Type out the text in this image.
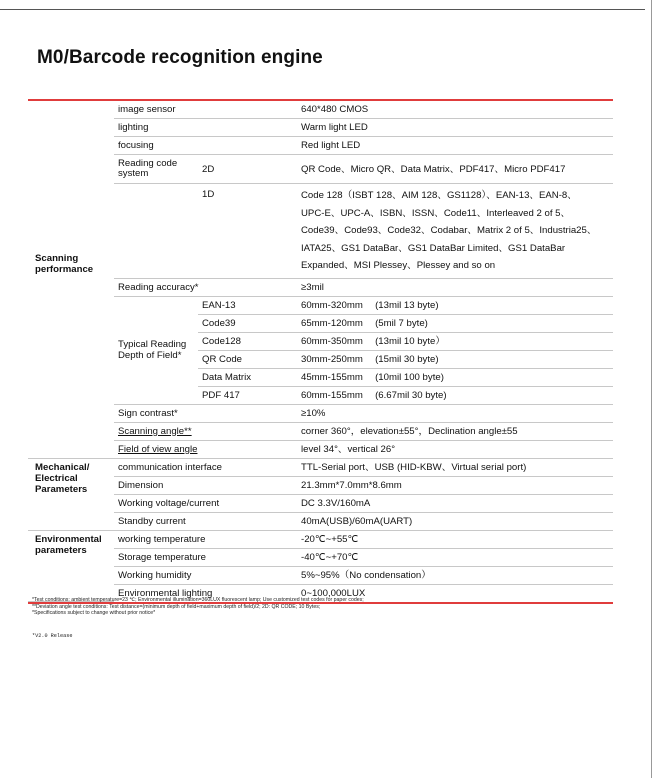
M0/Barcode recognition engine
	image sensor		640*480 CMOS
	lighting		Warm light LED
	focusing		Red light LED
	Reading code system	2D	QR Code、Micro QR、Data Matrix、PDF417、Micro PDF417
Scanning performance		1D	Code 128（ISBT 128、AIM 128、GS1128）、EAN-13、EAN-8、
UPC-E、UPC-A、ISBN、ISSN、Code11、Interleaved 2 of 5、
Code39、Code93、Code32、Codabar、Matrix 2 of 5、Industria25、
IATA25、GS1 DataBar、GS1 DataBar Limited、GS1 DataBar
Expanded、MSI Plessey、Plessey and so on

	Reading accuracy*		≥3mil
	Typical Reading Depth of Field*	EAN-13	60mm-320mm 　(13mil 13 byte)
		Code39	65mm-120mm 　(5mil 7 byte)
		Code128	60mm-350mm 　(13mil 10 byte）
		QR Code	30mm-250mm 　(15mil 30 byte)
		Data Matrix	45mm-155mm 　(10mil 100 byte)
		PDF 417	60mm-155mm 　(6.67mil 30 byte)
	Sign contrast*		≥10%
	Scanning angle**		corner 360°，elevation±55°，Declination angle±55
	Field of view angle		level 34°、vertical 26°
Mechanical/ Electrical Parameters	communication interface		TTL-Serial port、USB (HID-KBW、Virtual serial port)
	Dimension		21.3mm*7.0mm*8.6mm
	Working voltage/current		DC 3.3V/160mA
	Standby current		40mA(USB)/60mA(UART)
Environmental parameters	working temperature		-20℃~+55℃
	Storage temperature		-40℃~+70℃
	Working humidity		5%~95%（No condensation）
	Environmental lighting		0~100,000LUX
*Test conditions: ambient temperature=23 ℃; Environmental illumination=360LUX fluorescent lamp; Use customized test codes for paper codes;
**Deviation angle test conditions: Test distance=(minimum depth of field+maximum depth of field)/2; 2D: QR CODE; 10 Bytes;
*Specifications subject to change without prior notice*
*V2.0 Release
